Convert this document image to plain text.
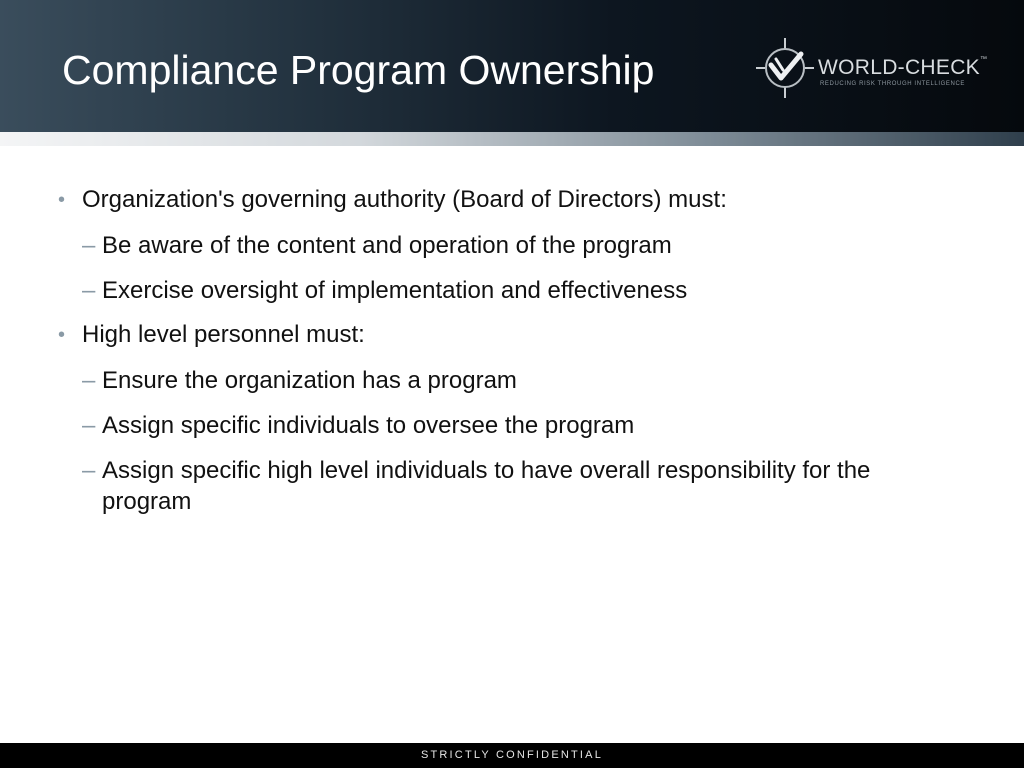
Compliance Program Ownership	WORLD-CHECK™
REDUCING RISK THROUGH INTELLIGENCE
• Organization's governing authority (Board of Directors) must:
– Be aware of the content and operation of the program
– Exercise oversight of implementation and effectiveness
• High level personnel must:
– Ensure the organization has a program
– Assign specific individuals to oversee the program
– Assign specific high level individuals to have overall responsibility for the program
STRICTLY CONFIDENTIAL
